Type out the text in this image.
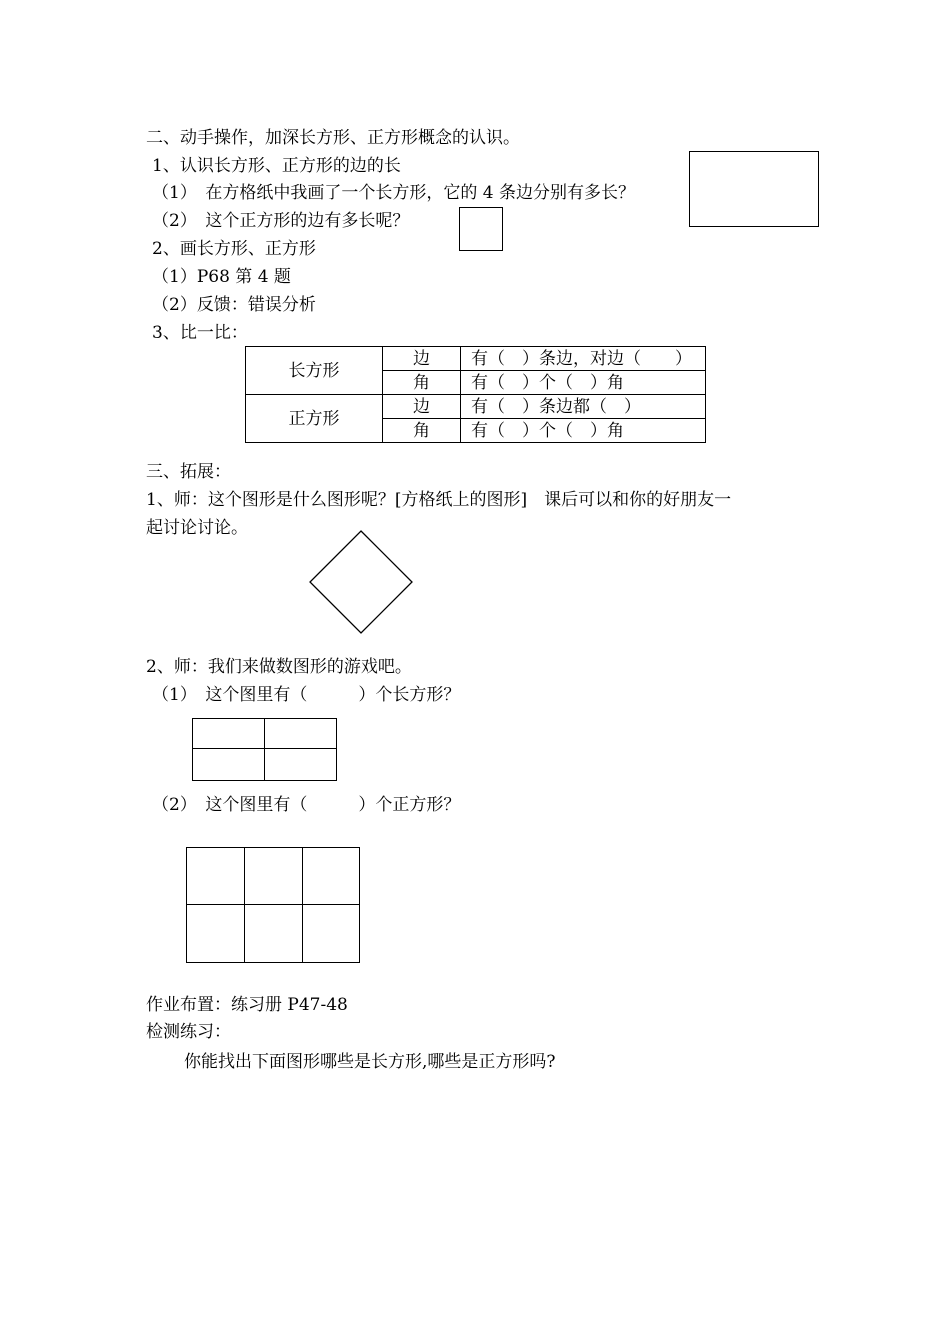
二、动手操作，加深长方形、正方形概念的认识。
1、认识长方形、正方形的边的长
（1）　在方格纸中我画了一个长方形，它的 4 条边分别有多长？
（2）　这个正方形的边有多长呢？
2、画长方形、正方形
（1）P68 第 4 题
（2）反馈：错误分析
3、比一比：
长方形	边	有（　）条边，对边（　　）
	角	有（　）个（　）角
正方形	边	有（　）条边都（　）
	角	有（　）个（　）角
三、拓展：
1、师：这个图形是什么图形呢？[方格纸上的图形]　课后可以和你的好朋友一
起讨论讨论。
2、师：我们来做数图形的游戏吧。
（1）　这个图里有（　　　）个长方形？
（2）　这个图里有（　　　）个正方形？
作业布置：练习册 P47-48
检测练习：
你能找出下面图形哪些是长方形,哪些是正方形吗?
